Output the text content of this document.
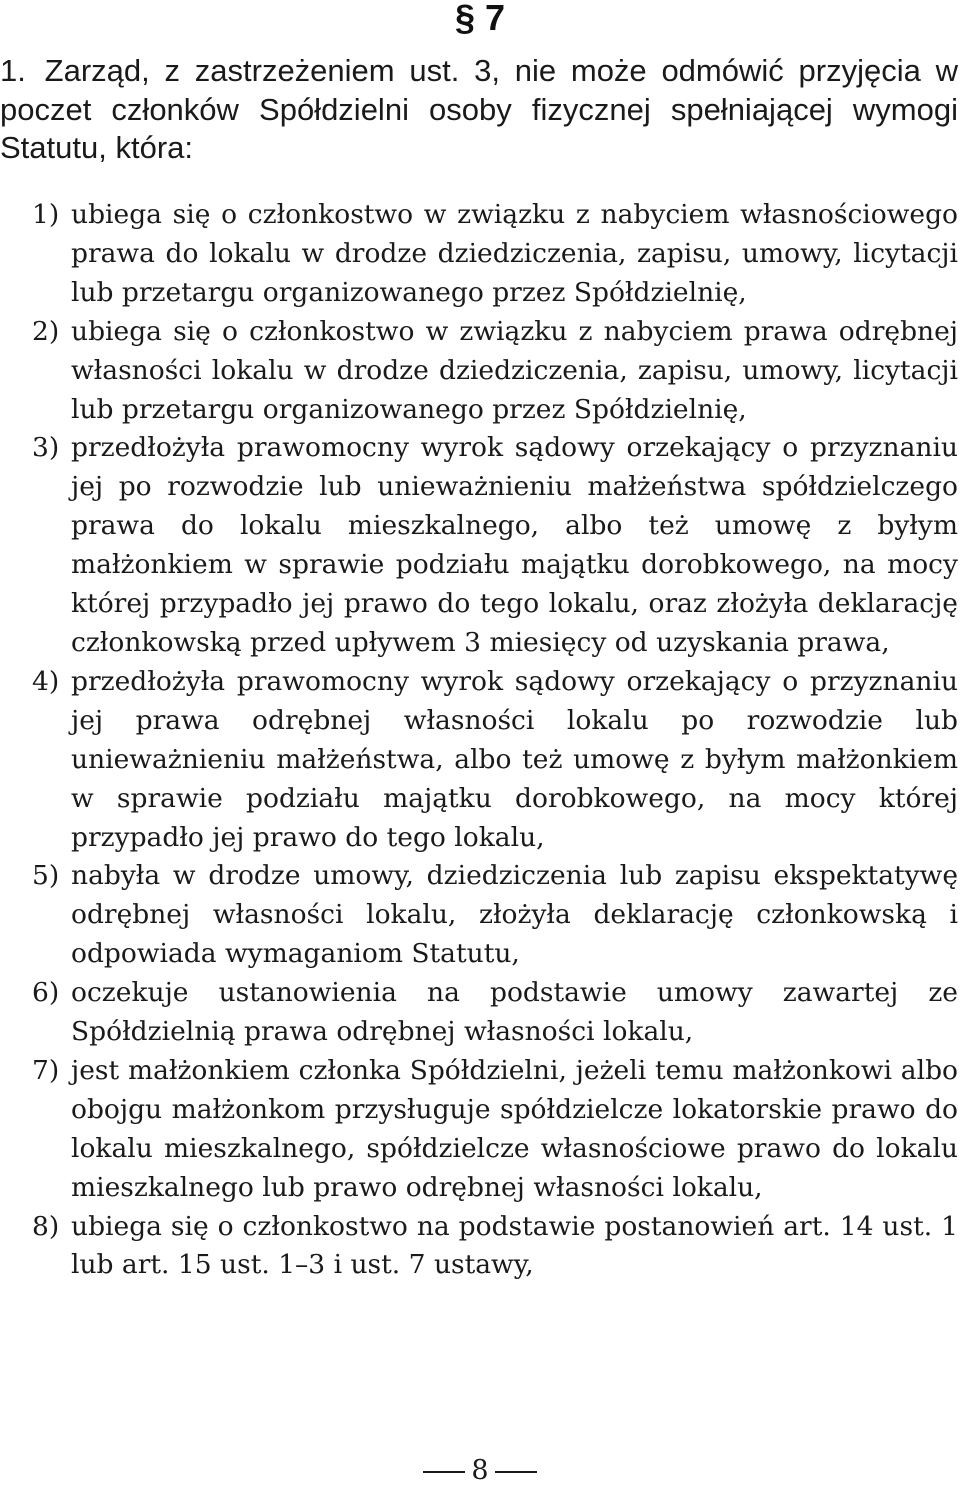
§ 7

1. Zarząd, z zastrzeżeniem ust. 3, nie może odmówić przyjęcia w poczet członków Spółdzielni osoby fizycznej spełniającej wymogi Statutu, która:

1) ubiega się o członkostwo w związku z nabyciem własnościowego prawa do lokalu w drodze dziedziczenia, zapisu, umowy, licytacji lub przetargu organizowanego przez Spółdzielnię,
2) ubiega się o członkostwo w związku z nabyciem prawa odrębnej własności lokalu w drodze dziedziczenia, zapisu, umowy, licytacji lub przetargu organizowanego przez Spółdzielnię,
3) przedłożyła prawomocny wyrok sądowy orzekający o przyznaniu jej po rozwodzie lub unieważnieniu małżeństwa spółdzielczego prawa do lokalu mieszkalnego, albo też umowę z byłym małżonkiem w sprawie podziału majątku dorobkowego, na mocy której przypadło jej prawo do tego lokalu, oraz złożyła deklarację członkowską przed upływem 3 miesięcy od uzyskania prawa,
4) przedłożyła prawomocny wyrok sądowy orzekający o przyznaniu jej prawa odrębnej własności lokalu po rozwodzie lub unieważnieniu małżeństwa, albo też umowę z byłym małżonkiem w sprawie podziału majątku dorobkowego, na mocy której przypadło jej prawo do tego lokalu,
5) nabyła w drodze umowy, dziedziczenia lub zapisu ekspektatywę odrębnej własności lokalu, złożyła deklarację członkowską i odpowiada wymaganiom Statutu,
6) oczekuje ustanowienia na podstawie umowy zawartej ze Spółdzielnią prawa odrębnej własności lokalu,
7) jest małżonkiem członka Spółdzielni, jeżeli temu małżonkowi albo obojgu małżonkom przysługuje spółdzielcze lokatorskie prawo do lokalu mieszkalnego, spółdzielcze własnościowe prawo do lokalu mieszkalnego lub prawo odrębnej własności lokalu,
8) ubiega się o członkostwo na podstawie postanowień art. 14 ust. 1 lub art. 15 ust. 1–3 i ust. 7 ustawy,
8
